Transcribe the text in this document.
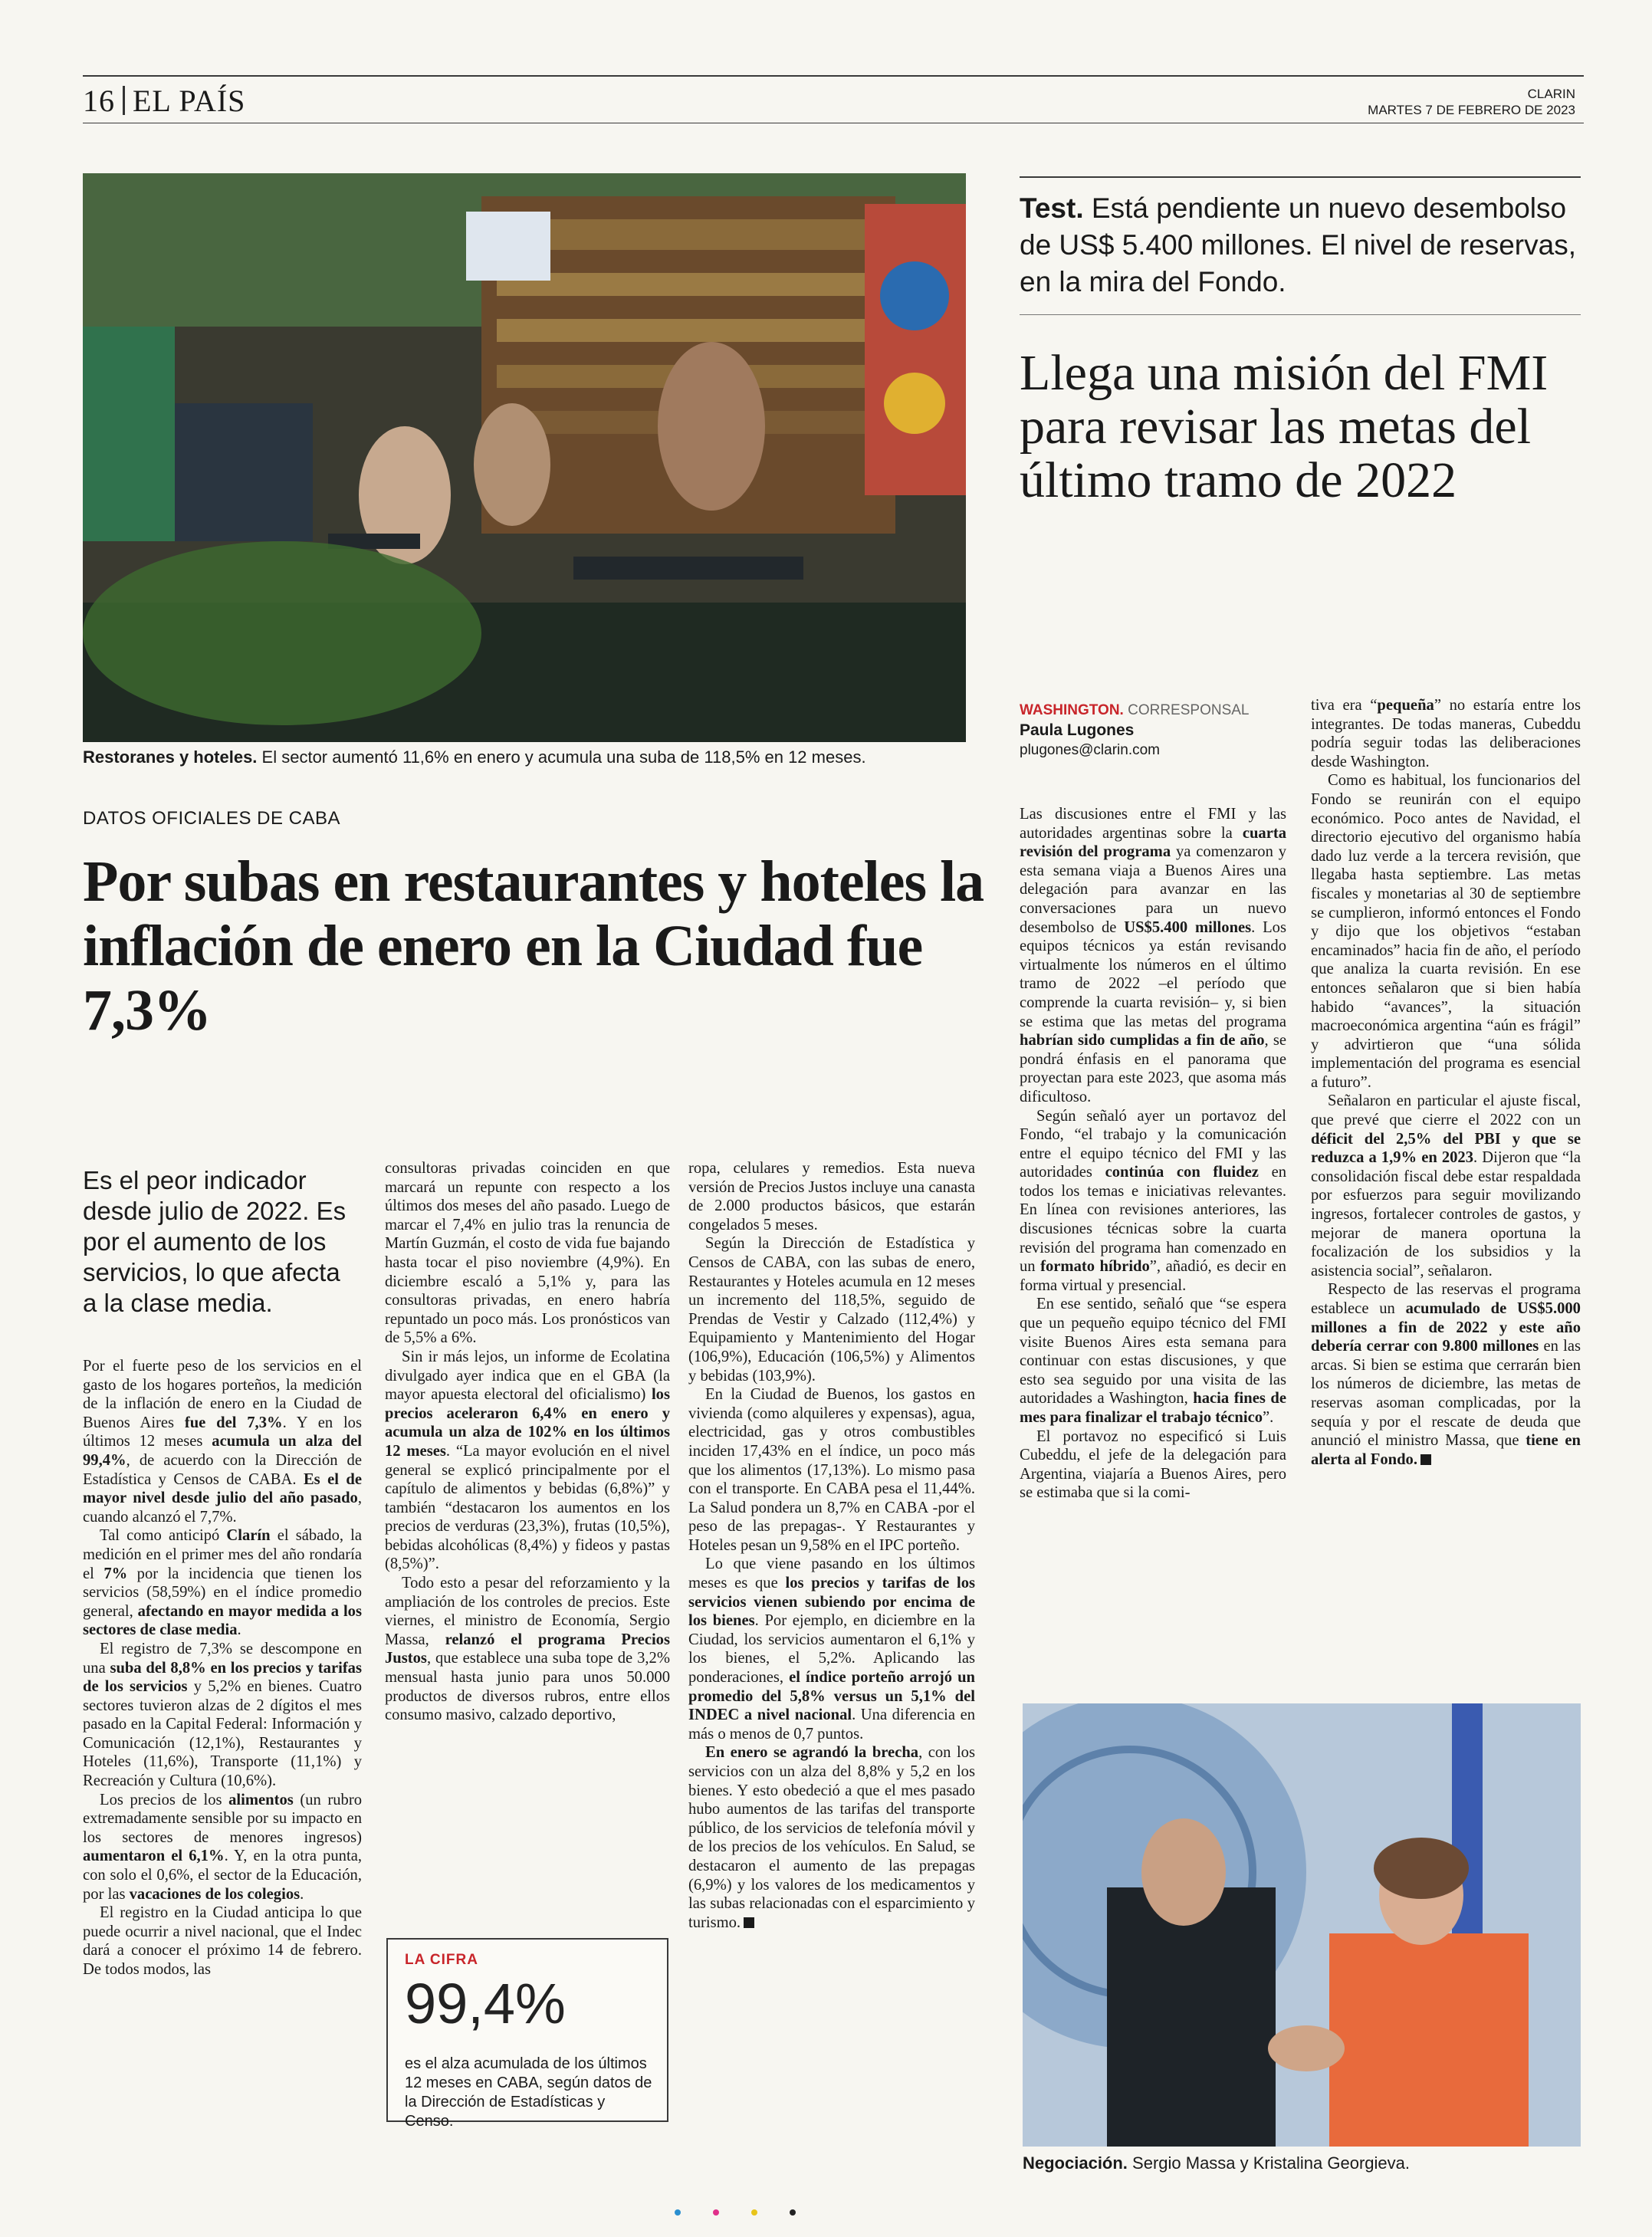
16 EL PAÍS	CLARIN
MARTES 7 DE FEBRERO DE 2023
Restoranes y hoteles. El sector aumentó 11,6% en enero y acumula una suba de 118,5% en 12 meses.
Test. Está pendiente un nuevo desembolso de US$ 5.400 millones. El nivel de reservas, en la mira del Fondo.
Llega una misión del FMI para revisar las metas del último tramo de 2022
WASHINGTON. CORRESPONSAL
Paula Lugones
plugones@clarin.com
DATOS OFICIALES DE CABA
Por subas en restaurantes y hoteles la inflación de enero en la Ciudad fue 7,3%
Es el peor indicador desde julio de 2022. Es por el aumento de los servicios, lo que afecta a la clase media.

Por el fuerte peso de los servicios en el gasto de los hogares porteños, la medición de la inflación de enero en la Ciudad de Buenos Aires fue del 7,3%. Y en los últimos 12 meses acumula un alza del 99,4%, de acuerdo con la Dirección de Estadística y Censos de CABA. Es el de mayor nivel desde julio del año pasado, cuando alcanzó el 7,7%.

Tal como anticipó Clarín el sábado, la medición en el primer mes del año rondaría el 7% por la incidencia que tienen los servicios (58,59%) en el índice promedio general, afectando en mayor medida a los sectores de clase media.

El registro de 7,3% se descompone en una suba del 8,8% en los precios y tarifas de los servicios y 5,2% en bienes. Cuatro sectores tuvieron alzas de 2 dígitos el mes pasado en la Capital Federal: Información y Comunicación (12,1%), Restaurantes y Hoteles (11,6%), Transporte (11,1%) y Recreación y Cultura (10,6%).

Los precios de los alimentos (un rubro extremadamente sensible por su impacto en los sectores de menores ingresos) aumentaron el 6,1%. Y, en la otra punta, con solo el 0,6%, el sector de la Educación, por las vacaciones de los colegios.

El registro en la Ciudad anticipa lo que puede ocurrir a nivel nacional, que el Indec dará a conocer el próximo 14 de febrero. De todos modos, las

consultoras privadas coinciden en que marcará un repunte con respecto a los últimos dos meses del año pasado. Luego de marcar el 7,4% en julio tras la renuncia de Martín Guzmán, el costo de vida fue bajando hasta tocar el piso noviembre (4,9%). En diciembre escaló a 5,1% y, para las consultoras privadas, en enero habría repuntado un poco más. Los pronósticos van de 5,5% a 6%.

Sin ir más lejos, un informe de Ecolatina divulgado ayer indica que en el GBA (la mayor apuesta electoral del oficialismo) los precios aceleraron 6,4% en enero y acumula un alza de 102% en los últimos 12 meses. “La mayor evolución en el nivel general se explicó principalmente por el capítulo de alimentos y bebidas (6,8%)” y también “destacaron los aumentos en los precios de verduras (23,3%), frutas (10,5%), bebidas alcohólicas (8,4%) y fideos y pastas (8,5%)”.

Todo esto a pesar del reforzamiento y la ampliación de los controles de precios. Este viernes, el ministro de Economía, Sergio Massa, relanzó el programa Precios Justos, que establece una suba tope de 3,2% mensual hasta junio para unos 50.000 productos de diversos rubros, entre ellos consumo masivo, calzado deportivo,

LA CIFRA
99,4%
es el alza acumulada de los últimos 12 meses en CABA, según datos de la Dirección de Estadísticas y Censo.

ropa, celulares y remedios. Esta nueva versión de Precios Justos incluye una canasta de 2.000 productos básicos, que estarán congelados 5 meses.

Según la Dirección de Estadística y Censos de CABA, con las subas de enero, Restaurantes y Hoteles acumula en 12 meses un incremento del 118,5%, seguido de Prendas de Vestir y Calzado (112,4%) y Equipamiento y Mantenimiento del Hogar (106,9%), Educación (106,5%) y Alimentos y bebidas (103,9%).

En la Ciudad de Buenos, los gastos en vivienda (como alquileres y expensas), agua, electricidad, gas y otros combustibles inciden 17,43% en el índice, un poco más que los alimentos (17,13%). Lo mismo pasa con el transporte. En CABA pesa el 11,44%. La Salud pondera un 8,7% en CABA -por el peso de las prepagas-. Y Restaurantes y Hoteles pesan un 9,58% en el IPC porteño.

Lo que viene pasando en los últimos meses es que los precios y tarifas de los servicios vienen subiendo por encima de los bienes. Por ejemplo, en diciembre en la Ciudad, los servicios aumentaron el 6,1% y los bienes, el 5,2%. Aplicando las ponderaciones, el índice porteño arrojó un promedio del 5,8% versus un 5,1% del INDEC a nivel nacional. Una diferencia en más o menos de 0,7 puntos.

En enero se agrandó la brecha, con los servicios con un alza del 8,8% y 5,2 en los bienes. Y esto obedeció a que el mes pasado hubo aumentos de las tarifas del transporte público, de los servicios de telefonía móvil y de los precios de los vehículos. En Salud, se destacaron el aumento de las prepagas (6,9%) y los valores de los medicamentos y las subas relacionadas con el esparcimiento y turismo.

Las discusiones entre el FMI y las autoridades argentinas sobre la cuarta revisión del programa ya comenzaron y esta semana viaja a Buenos Aires una delegación para avanzar en las conversaciones para un nuevo desembolso de US$5.400 millones. Los equipos técnicos ya están revisando virtualmente los números en el último tramo de 2022 –el período que comprende la cuarta revisión– y, si bien se estima que las metas del programa habrían sido cumplidas a fin de año, se pondrá énfasis en el panorama que proyectan para este 2023, que asoma más dificultoso.

Según señaló ayer un portavoz del Fondo, “el trabajo y la comunicación entre el equipo técnico del FMI y las autoridades continúa con fluidez en todos los temas e iniciativas relevantes. En línea con revisiones anteriores, las discusiones técnicas sobre la cuarta revisión del programa han comenzado en un formato híbrido”, añadió, es decir en forma virtual y presencial.

En ese sentido, señaló que “se espera que un pequeño equipo técnico del FMI visite Buenos Aires esta semana para continuar con estas discusiones, y que esto sea seguido por una visita de las autoridades a Washington, hacia fines de mes para finalizar el trabajo técnico”.

El portavoz no especificó si Luis Cubeddu, el jefe de la delegación para Argentina, viajaría a Buenos Aires, pero se estimaba que si la comi-

tiva era “pequeña” no estaría entre los integrantes. De todas maneras, Cubeddu podría seguir todas las deliberaciones desde Washington.

Como es habitual, los funcionarios del Fondo se reunirán con el equipo económico. Poco antes de Navidad, el directorio ejecutivo del organismo había dado luz verde a la tercera revisión, que llegaba hasta septiembre. Las metas fiscales y monetarias al 30 de septiembre se cumplieron, informó entonces el Fondo y dijo que los objetivos “estaban encaminados” hacia fin de año, el período que analiza la cuarta revisión. En ese entonces señalaron que si bien había habido “avances”, la situación macroeconómica argentina “aún es frágil” y advirtieron que “una sólida implementación del programa es esencial a futuro”.

Señalaron en particular el ajuste fiscal, que prevé que cierre el 2022 con un déficit del 2,5% del PBI y que se reduzca a 1,9% en 2023. Dijeron que “la consolidación fiscal debe estar respaldada por esfuerzos para seguir movilizando ingresos, fortalecer controles de gastos, y mejorar de manera oportuna la focalización de los subsidios y la asistencia social”, señalaron.

Respecto de las reservas el programa establece un acumulado de US$5.000 millones a fin de 2022 y este año debería cerrar con 9.800 millones en las arcas. Si bien se estima que cerrarán bien los números de diciembre, las metas de reservas asoman complicadas, por la sequía y por el rescate de deuda que anunció el ministro Massa, que tiene en alerta al Fondo.

Negociación. Sergio Massa y Kristalina Georgieva.
